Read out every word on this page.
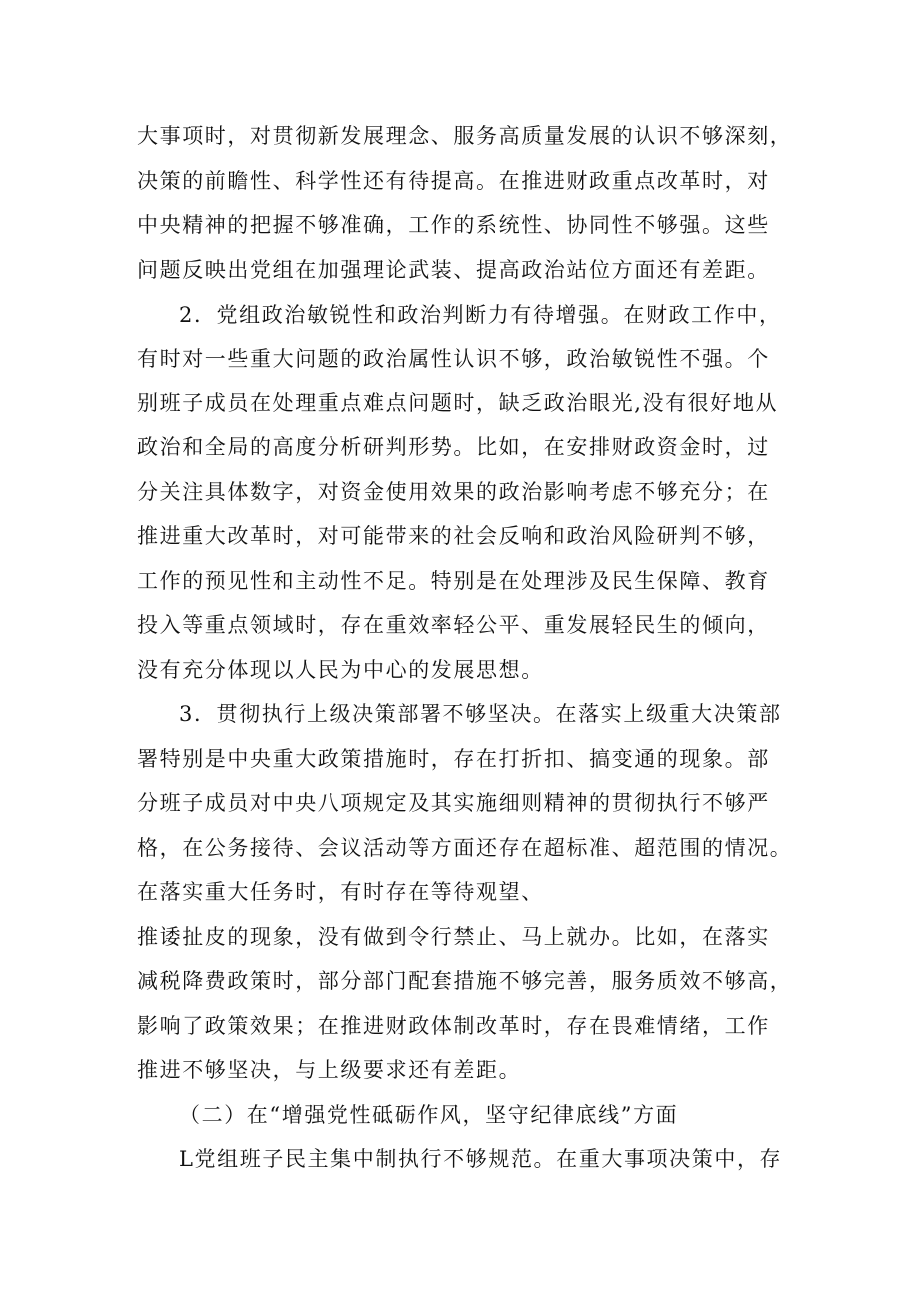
大事项时，对贯彻新发展理念、服务高质量发展的认识不够深刻，
决策的前瞻性、科学性还有待提高。在推进财政重点改革时，对
中央精神的把握不够准确，工作的系统性、协同性不够强。这些
问题反映出党组在加强理论武装、提高政治站位方面还有差距。
2．党组政治敏锐性和政治判断力有待增强。在财政工作中，
有时对一些重大问题的政治属性认识不够，政治敏锐性不强。个
别班子成员在处理重点难点问题时，缺乏政治眼光,没有很好地从
政治和全局的高度分析研判形势。比如，在安排财政资金时，过
分关注具体数字，对资金使用效果的政治影响考虑不够充分；在
推进重大改革时，对可能带来的社会反响和政治风险研判不够，
工作的预见性和主动性不足。特别是在处理涉及民生保障、教育
投入等重点领域时，存在重效率轻公平、重发展轻民生的倾向，
没有充分体现以人民为中心的发展思想。
3．贯彻执行上级决策部署不够坚决。在落实上级重大决策部
署特别是中央重大政策措施时，存在打折扣、搞变通的现象。部
分班子成员对中央八项规定及其实施细则精神的贯彻执行不够严
格，在公务接待、会议活动等方面还存在超标准、超范围的情况。
在落实重大任务时，有时存在等待观望、
推诿扯皮的现象，没有做到令行禁止、马上就办。比如，在落实
减税降费政策时，部分部门配套措施不够完善，服务质效不够高，
影响了政策效果；在推进财政体制改革时，存在畏难情绪，工作
推进不够坚决，与上级要求还有差距。
（二）在“增强党性砥砺作风，坚守纪律底线”方面
L党组班子民主集中制执行不够规范。在重大事项决策中，存
